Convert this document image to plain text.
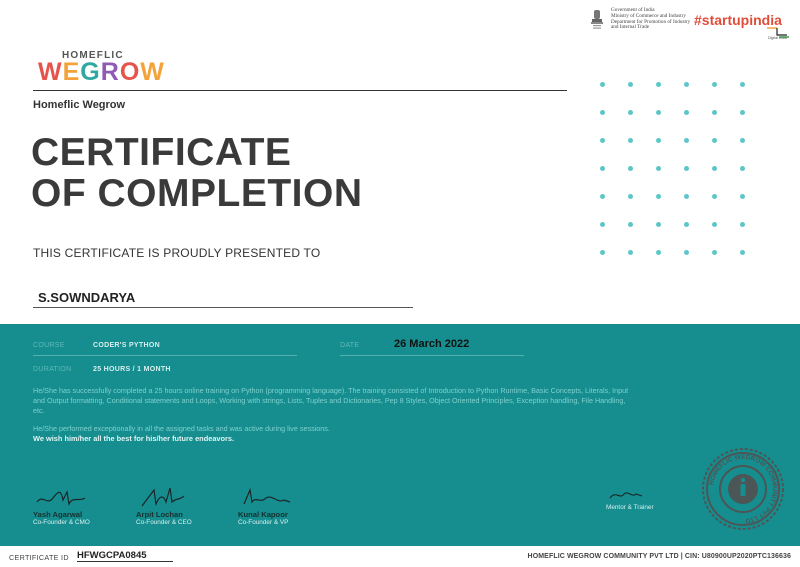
HOMEFLIC
WEGROW
Homeflic Wegrow
Government of India
Ministry of Commerce and Industry
Department for Promotion of Industry
and Internal Trade	#startupindia
Digital India
CERTIFICATE
OF COMPLETION
THIS CERTIFICATE IS PROUDLY PRESENTED TO
S.SOWNDARYA
COURSE	CODER'S PYTHON	DATE	26 March 2022
DURATION	25 HOURS / 1 MONTH
He/She has successfully completed a 25 hours online training on Python (programming language). The training consisted of Introduction to Python Runtime, Basic Concepts, Literals, Input and Output formatting, Conditional statements and Loops, Working with strings, Lists, Tuples and Dictionaries, Pep 8 Styles, Object Oriented Principles, Exception handling, File Handling, etc.
He/She performed exceptionally in all the assigned tasks and was active during live sessions.
We wish him/her all the best for his/her future endeavors.
Yash Agarwal
Co-Founder & CMO
Arpit Lochan
Co-Founder & CEO
Kunal Kapoor
Co-Founder & VP
Mentor & Trainer
HOMEFLIC WEGROW COMMUNITY PVT LTD
CERTIFICATE ID HFWGCPA0845	HOMEFLIC WEGROW COMMUNITY PVT LTD | CIN: U80900UP2020PTC136636
